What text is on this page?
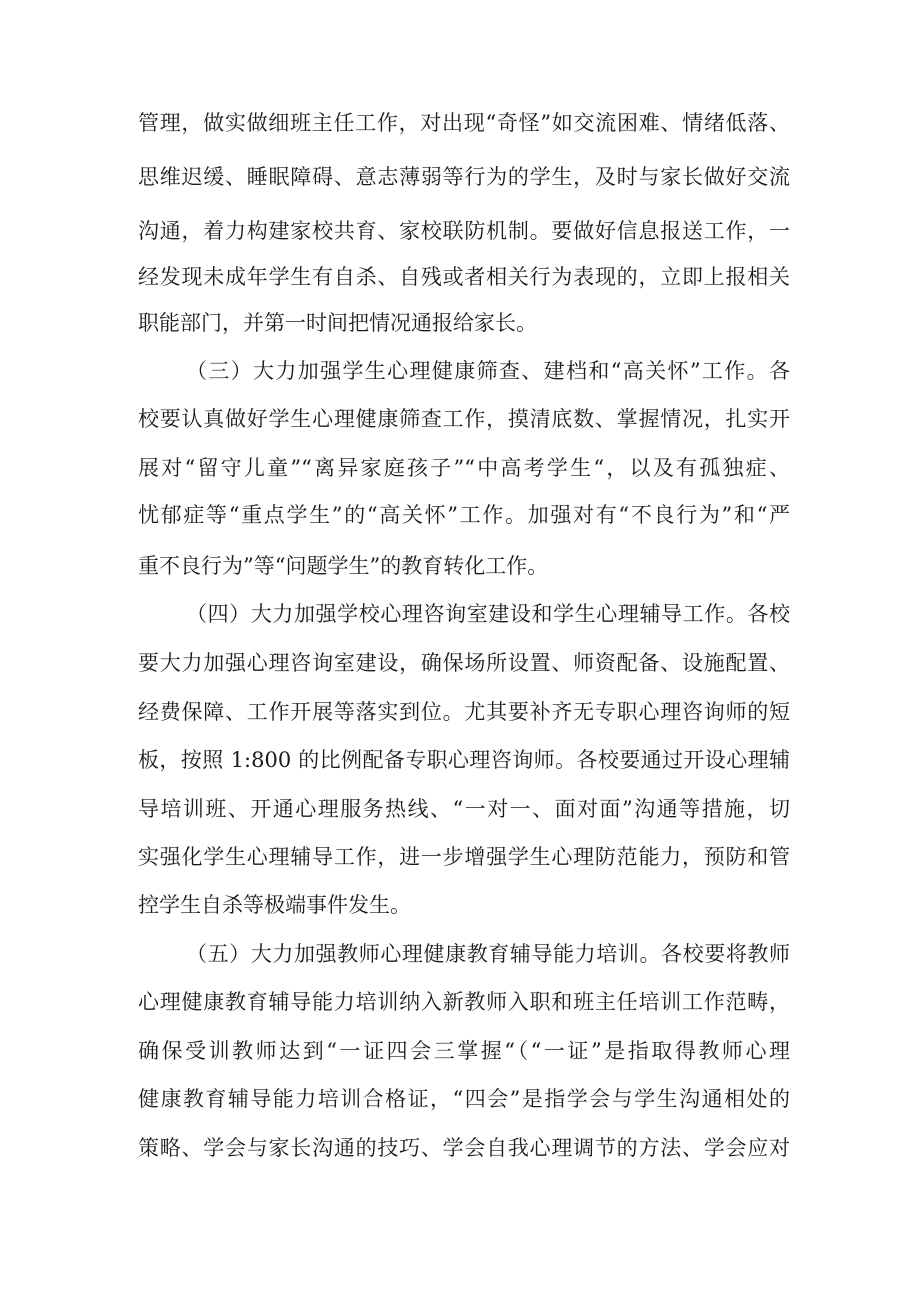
管理，做实做细班主任工作，对出现“奇怪”如交流困难、情绪低落、

思维迟缓、睡眠障碍、意志薄弱等行为的学生，及时与家长做好交流

沟通，着力构建家校共育、家校联防机制。要做好信息报送工作，一

经发现未成年学生有自杀、自残或者相关行为表现的，立即上报相关

职能部门，并第一时间把情况通报给家长。

（三）大力加强学生心理健康筛查、建档和“高关怀”工作。各

校要认真做好学生心理健康筛查工作，摸清底数、掌握情况，扎实开

展对“留守儿童”“离异家庭孩子”“中高考学生“，以及有孤独症、

忧郁症等“重点学生”的“高关怀”工作。加强对有“不良行为”和“严

重不良行为”等“问题学生”的教育转化工作。

（四）大力加强学校心理咨询室建设和学生心理辅导工作。各校

要大力加强心理咨询室建设，确保场所设置、师资配备、设施配置、

经费保障、工作开展等落实到位。尤其要补齐无专职心理咨询师的短

板，按照 1:800 的比例配备专职心理咨询师。各校要通过开设心理辅

导培训班、开通心理服务热线、“一对一、面对面”沟通等措施，切

实强化学生心理辅导工作，进一步增强学生心理防范能力，预防和管

控学生自杀等极端事件发生。

（五）大力加强教师心理健康教育辅导能力培训。各校要将教师

心理健康教育辅导能力培训纳入新教师入职和班主任培训工作范畴，

确保受训教师达到“一证四会三掌握“（“一证”是指取得教师心理

健康教育辅导能力培训合格证，“四会”是指学会与学生沟通相处的

策略、学会与家长沟通的技巧、学会自我心理调节的方法、学会应对
